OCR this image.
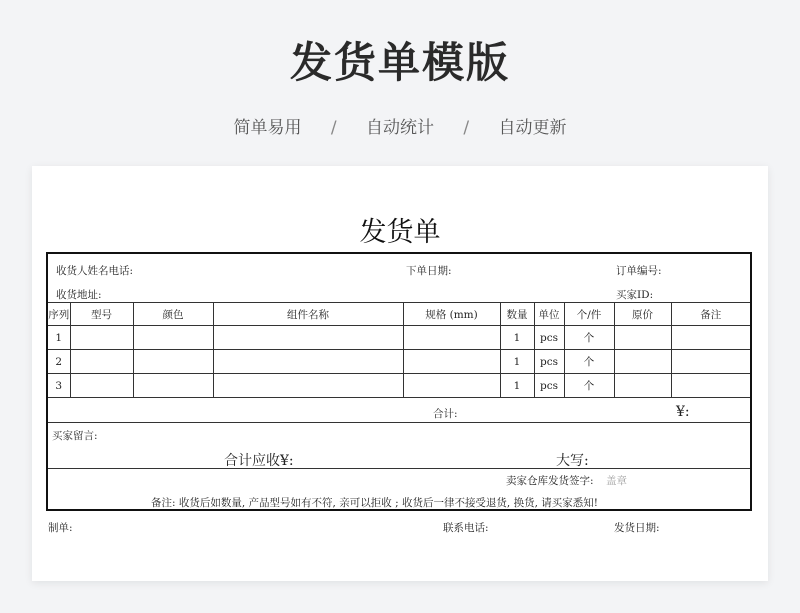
发货单模版
简单易用 / 自动统计 / 自动更新
发货单
收货人姓名电话:	下单日期:	订单编号:
收货地址:	买家ID:
序列	型号	颜色	组件名称	规格 (mm)	数量	单位	个/件	原价	备注
1					1	pcs	个		
2					1	pcs	个		
3					1	pcs	个		
合计:	¥:
买家留言:
合计应收¥:	大写:
卖家仓库发货签字: 盖章
备注: 收货后如数量, 产品型号如有不符, 亲可以拒收 ; 收货后一律不接受退货, 换货, 请买家悉知!
制单:	联系电话:	发货日期:
